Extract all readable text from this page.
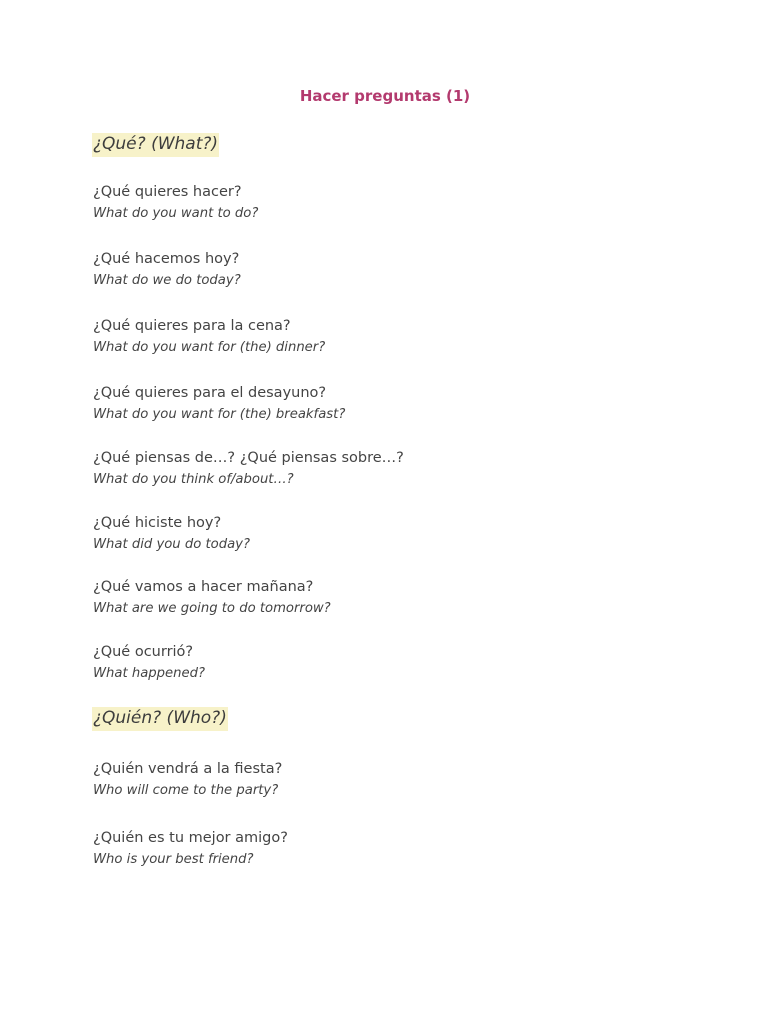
Hacer preguntas (1)
¿Qué? (What?)
¿Qué quieres hacer?
What do you want to do?
¿Qué hacemos hoy?
What do we do today?
¿Qué quieres para la cena?
What do you want for (the) dinner?
¿Qué quieres para el desayuno?
What do you want for (the) breakfast?
¿Qué piensas de…? ¿Qué piensas sobre…?
What do you think of/about…?
¿Qué hiciste hoy?
What did you do today?
¿Qué vamos a hacer mañana?
What are we going to do tomorrow?
¿Qué ocurrió?
What happened?
¿Quién? (Who?)
¿Quién vendrá a la fiesta?
Who will come to the party?
¿Quién es tu mejor amigo?
Who is your best friend?
